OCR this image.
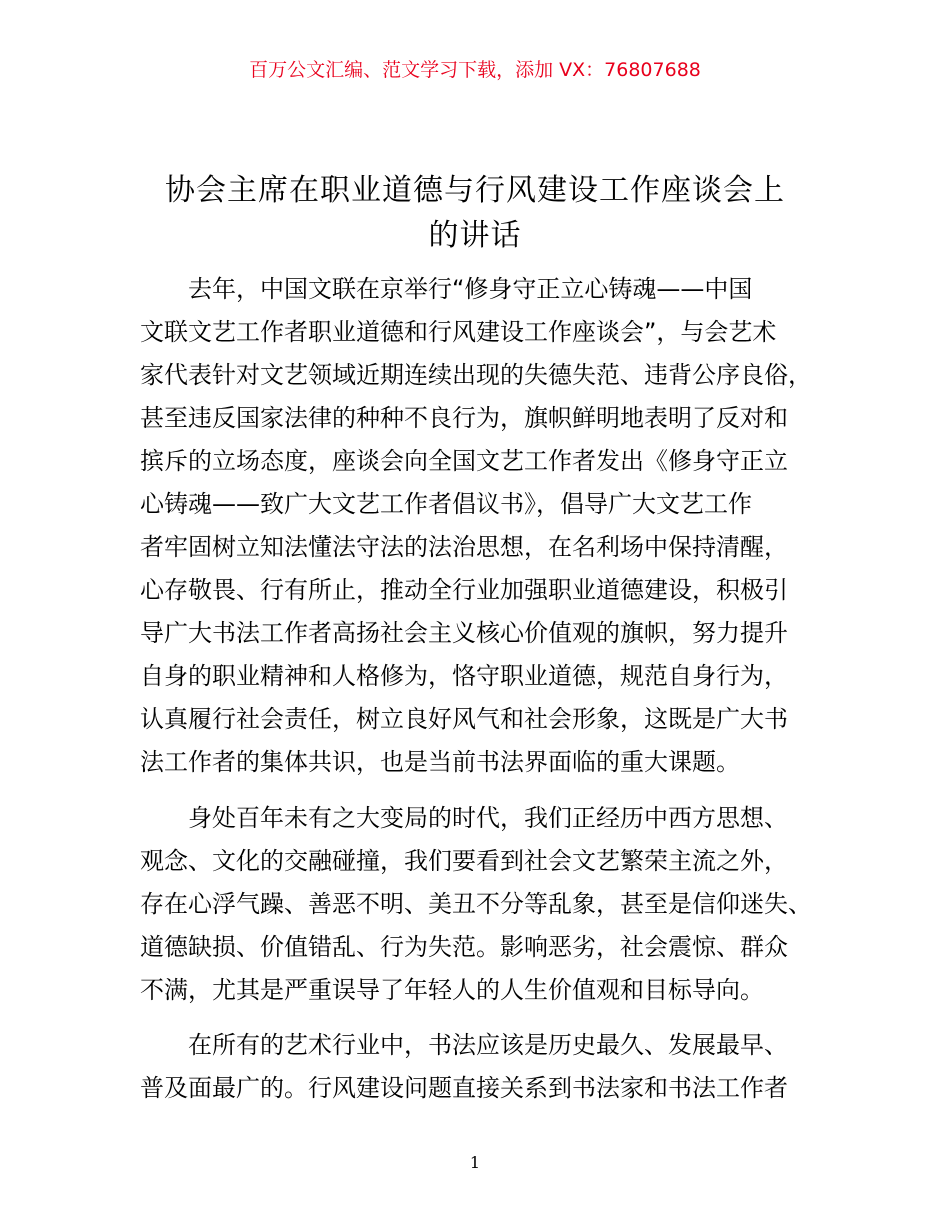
百万公文汇编、范文学习下载，添加 VX：76807688
协会主席在职业道德与行风建设工作座谈会上
的讲话
　　去年，中国文联在京举行“修身守正立心铸魂——中国
文联文艺工作者职业道德和行风建设工作座谈会”，与会艺术
家代表针对文艺领域近期连续出现的失德失范、违背公序良俗，
甚至违反国家法律的种种不良行为，旗帜鲜明地表明了反对和
摈斥的立场态度，座谈会向全国文艺工作者发出《修身守正立
心铸魂——致广大文艺工作者倡议书》，倡导广大文艺工作
者牢固树立知法懂法守法的法治思想，在名利场中保持清醒，
心存敬畏、行有所止，推动全行业加强职业道德建设，积极引
导广大书法工作者高扬社会主义核心价值观的旗帜，努力提升
自身的职业精神和人格修为，恪守职业道德，规范自身行为，
认真履行社会责任，树立良好风气和社会形象，这既是广大书
法工作者的集体共识，也是当前书法界面临的重大课题。
　　身处百年未有之大变局的时代，我们正经历中西方思想、
观念、文化的交融碰撞，我们要看到社会文艺繁荣主流之外，
存在心浮气躁、善恶不明、美丑不分等乱象，甚至是信仰迷失、
道德缺损、价值错乱、行为失范。影响恶劣，社会震惊、群众
不满，尤其是严重误导了年轻人的人生价值观和目标导向。
　　在所有的艺术行业中，书法应该是历史最久、发展最早、
普及面最广的。行风建设问题直接关系到书法家和书法工作者
1
